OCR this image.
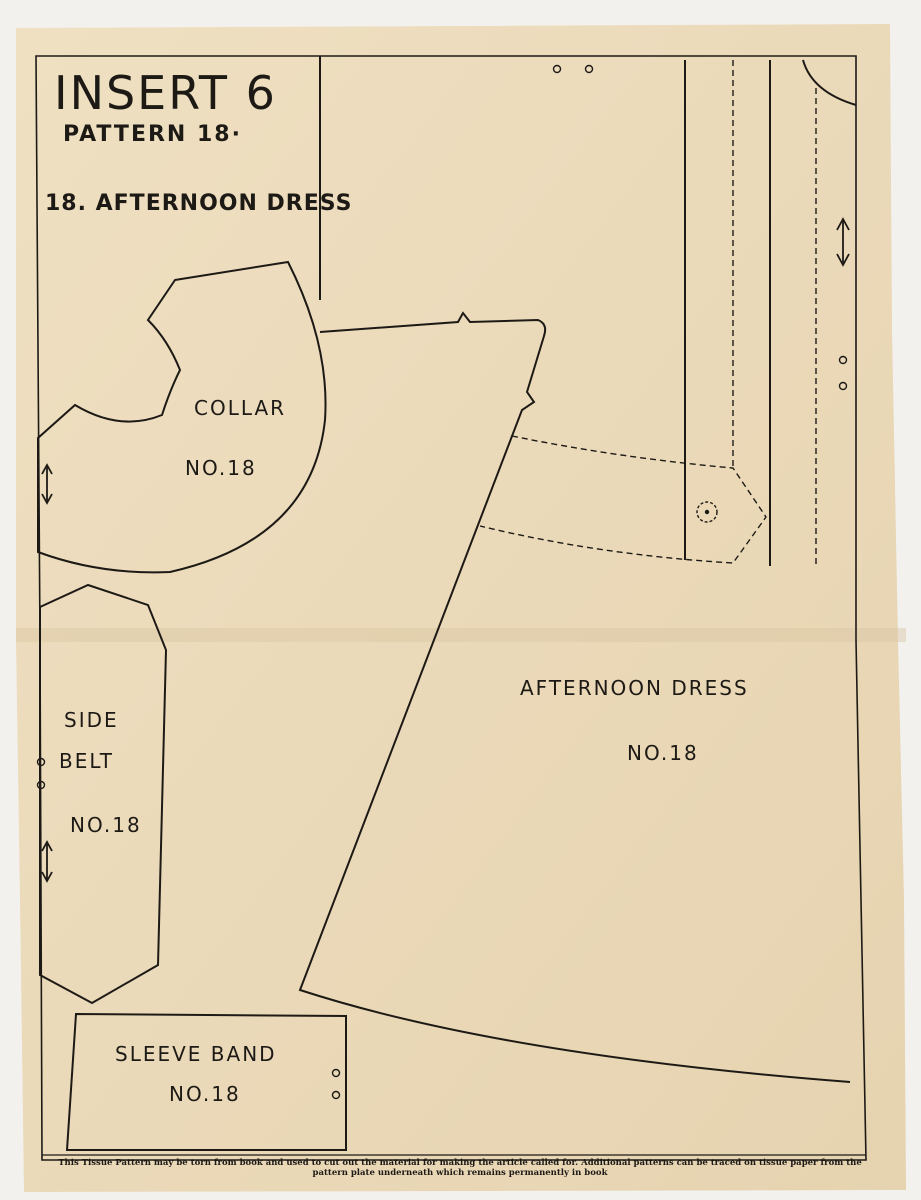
INSERT 6
PATTERN 18·
18. AFTERNOON DRESS
COLLAR
NO.18
AFTERNOON DRESS
NO.18
SIDE
BELT
NO.18
SLEEVE BAND
NO.18
This Tissue Pattern may be torn from book and used to cut out the material for making the article called for. Additional patterns can be traced on tissue paper from the
pattern plate underneath which remains permanently in book
